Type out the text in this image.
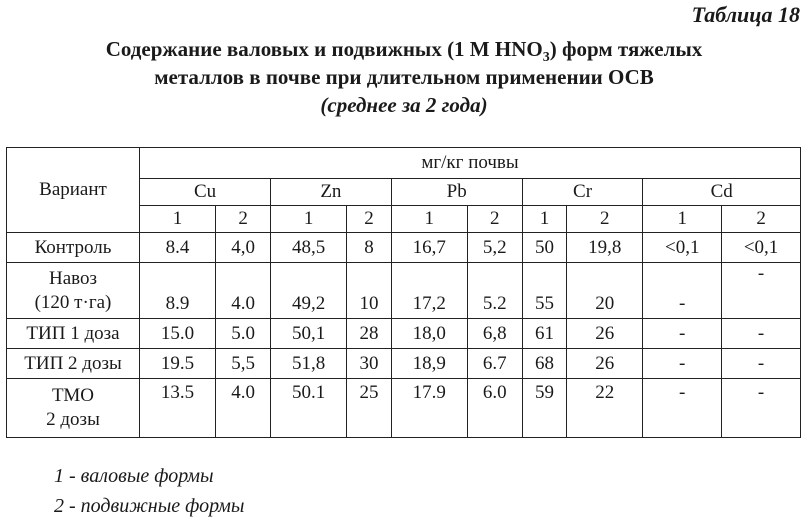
Таблица 18
Содержание валовых и подвижных (1 М $HNO_3$) форм тяжелых
металлов в почве при длительном применении ОСВ
(среднее за 2 года)
Вариант	мг/кг почвы									
	Cu		Zn		Pb		Cr		Cd	
	1	2	1	2	1	2	1	2	1	2

Контроль	8.4	4,0	48,5	8	16,7	5,2	50	19,8	<0,1	<0,1

Навоз
(120 т·га)	8.9	4.0	49,2	10	17,2	5.2	55	20	-	-

ТИП 1 доза	15.0	5.0	50,1	28	18,0	6,8	61	26	-	-

ТИП 2 дозы	19.5	5,5	51,8	30	18,9	6.7	68	26	-	-

ТМО
2 дозы	13.5	4.0	50.1	25	17.9	6.0	59	22	-	-
1 - валовые формы
2 - подвижные формы
